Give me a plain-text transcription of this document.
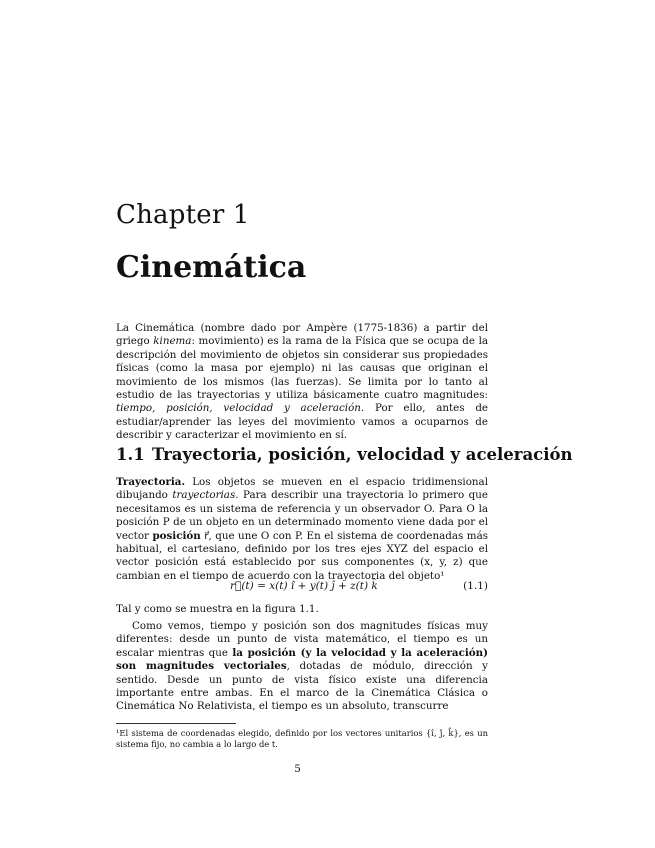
Chapter 1
Cinemática

La Cinemática (nombre dado por Ampère (1775-1836) a partir del griego kinema: movimiento) es la rama de la Física que se ocupa de la descripción del movimiento de objetos sin considerar sus propiedades físicas (como la masa por ejemplo) ni las causas que originan el movimiento de los mismos (las fuerzas). Se limita por lo tanto al estudio de las trayectorias y utiliza básicamente cuatro magnitudes: tiempo, posición, velocidad y aceleración. Por ello, antes de estudiar/aprender las leyes del movimiento vamos a ocuparnos de describir y caracterizar el movimiento en sí.

1.1 Trayectoria, posición, velocidad y aceleración

Trayectoria. Los objetos se mueven en el espacio tridimensional dibujando trayectorias. Para describir una trayectoria lo primero que necesitamos es un sistema de referencia y un observador O. Para O la posición P de un objeto en un determinado momento viene dada por el vector posición r⃗, que une O con P. En el sistema de coordenadas más habitual, el cartesiano, definido por los tres ejes XYZ del espacio el vector posición está establecido por sus componentes (x, y, z) que cambian en el tiempo de acuerdo con la trayectoria del objeto¹

r⃗(t) = x(t) î + y(t) ĵ + z(t) k̂	(1.1)

Tal y como se muestra en la figura 1.1.

Como vemos, tiempo y posición son dos magnitudes físicas muy diferentes: desde un punto de vista matemático, el tiempo es un escalar mientras que la posición (y la velocidad y la aceleración) son magnitudes vectoriales, dotadas de módulo, dirección y sentido. Desde un punto de vista físico existe una diferencia importante entre ambas. En el marco de la Cinemática Clásica o Cinemática No Relativista, el tiempo es un absoluto, transcurre

¹El sistema de coordenadas elegido, definido por los vectores unitarios {î, ĵ, k̂}, es un sistema fijo, no cambia a lo largo de t.

5
